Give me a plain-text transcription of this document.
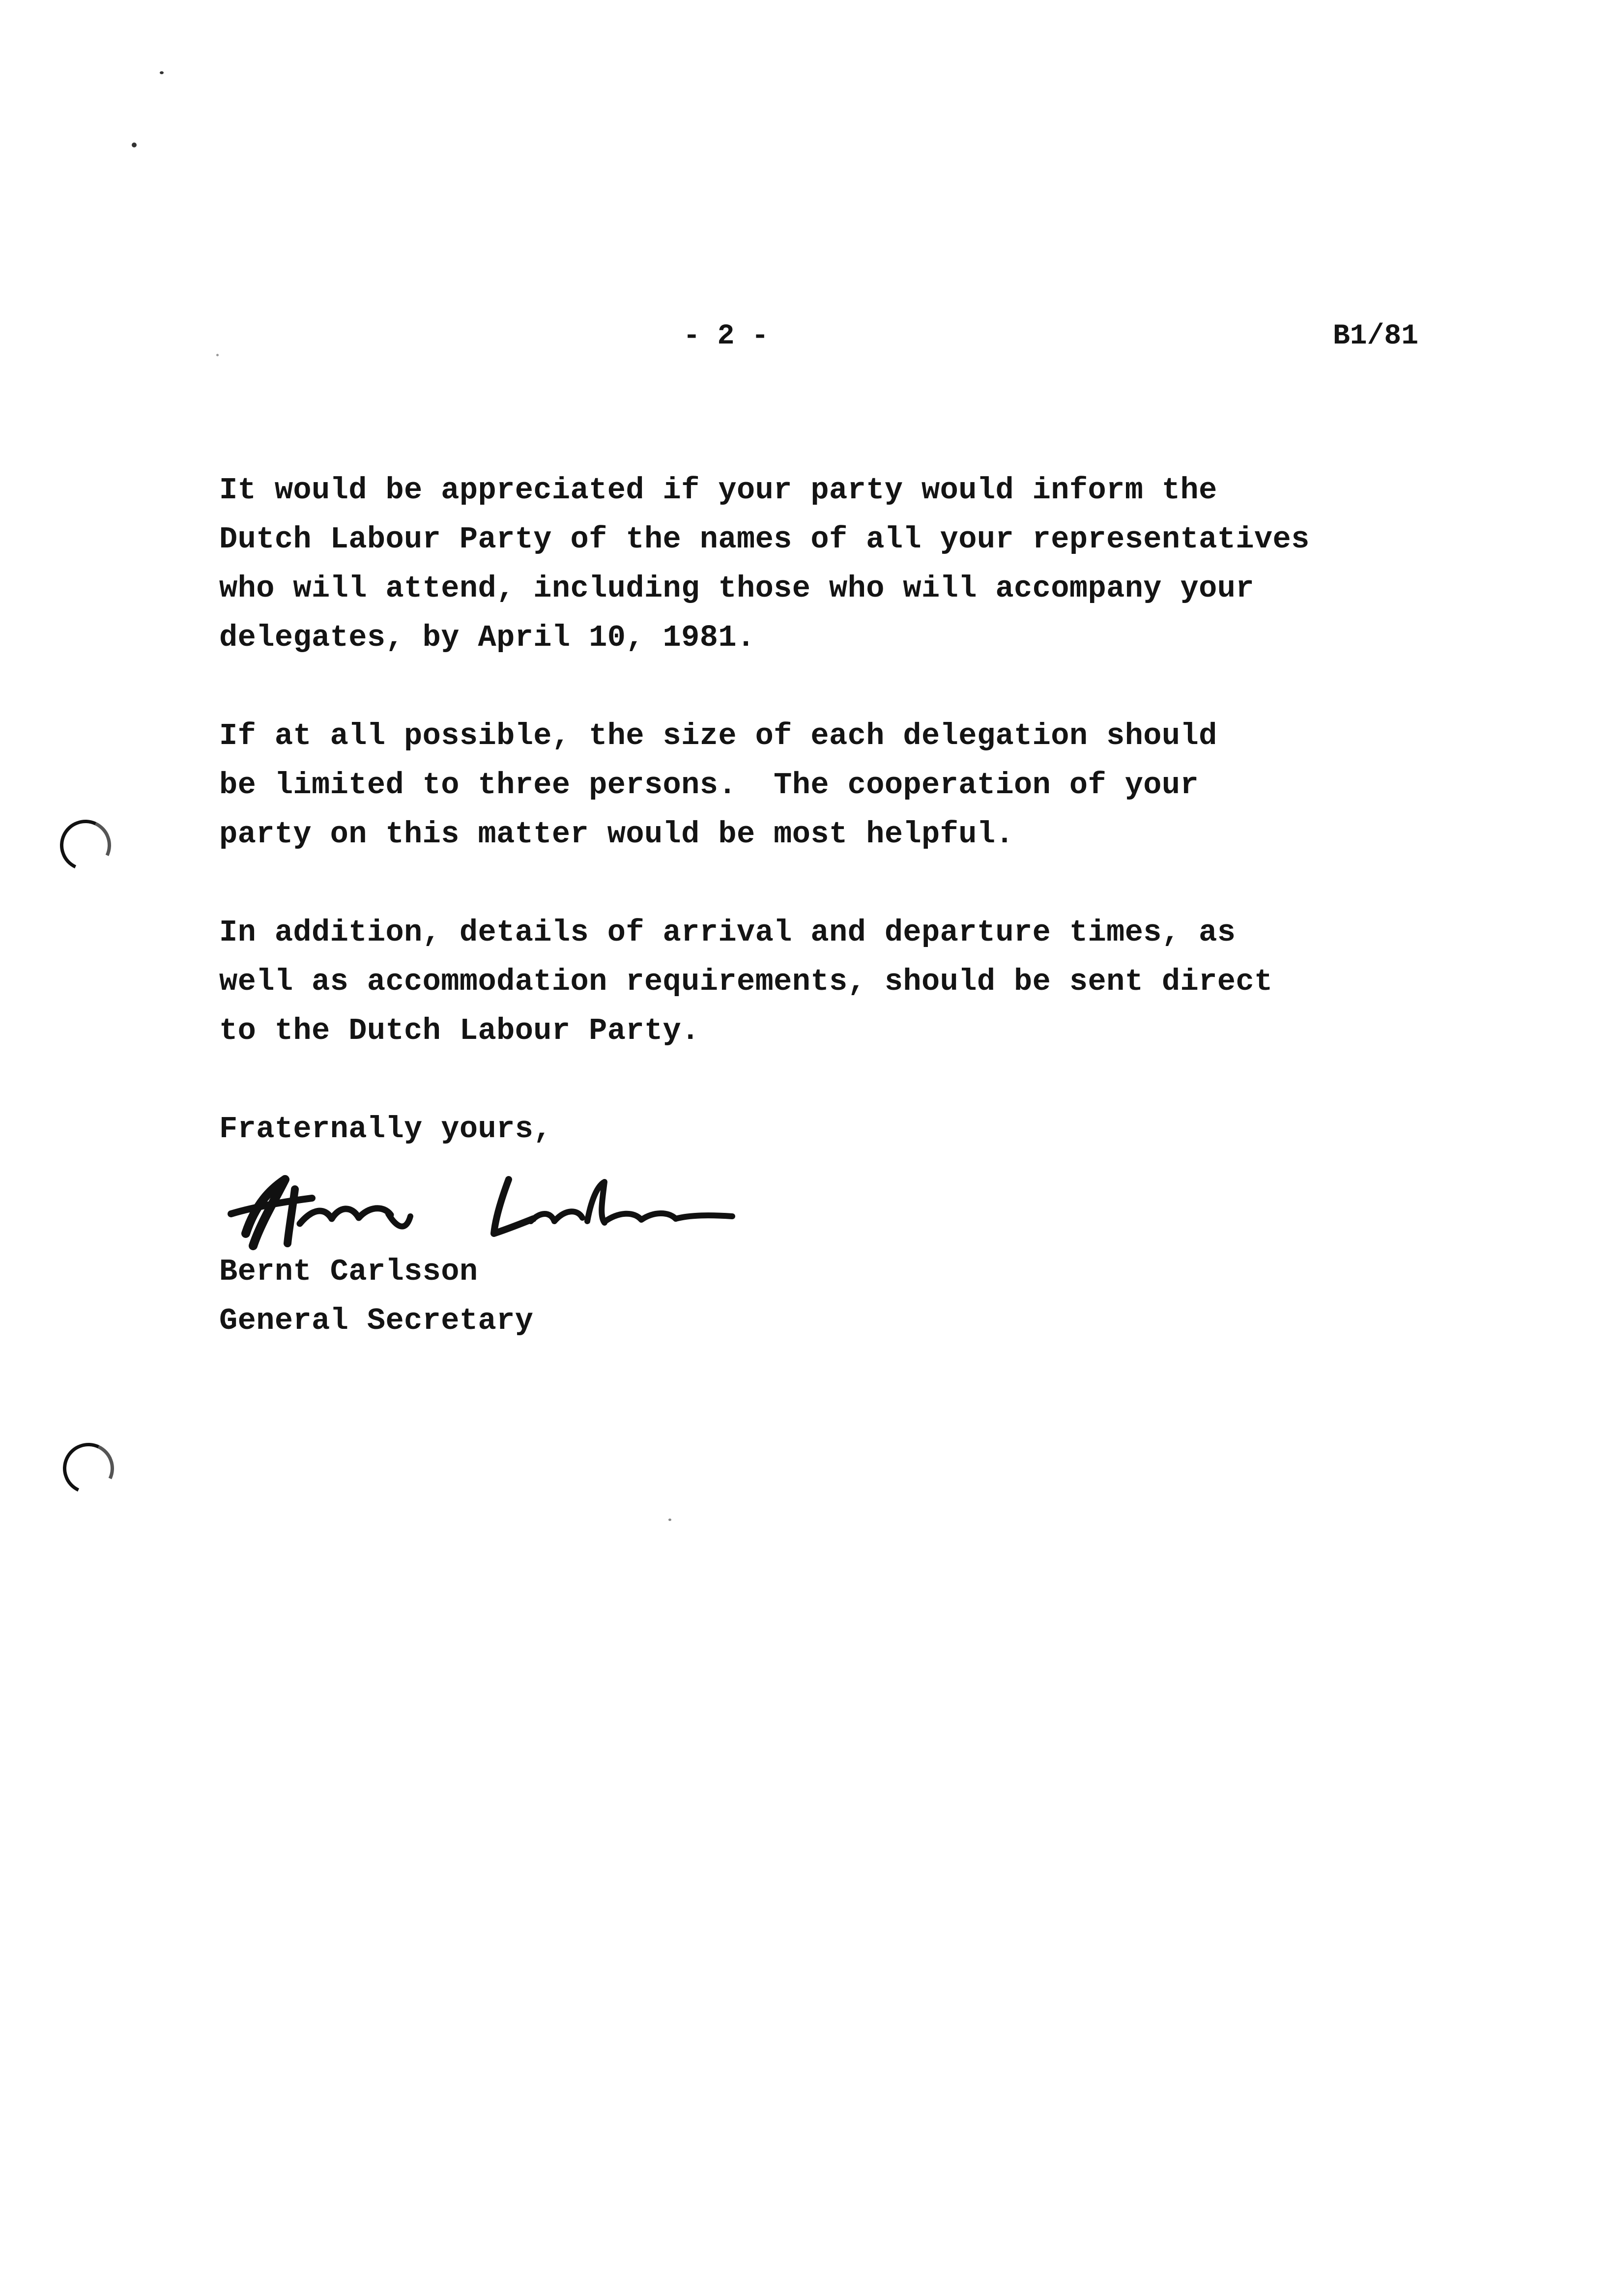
- 2 -	B1/81
It would be appreciated if your party would inform the
Dutch Labour Party of the names of all your representatives
who will attend, including those who will accompany your
delegates, by April 10, 1981.
If at all possible, the size of each delegation should
be limited to three persons.  The cooperation of your
party on this matter would be most helpful.
In addition, details of arrival and departure times, as
well as accommodation requirements, should be sent direct
to the Dutch Labour Party.
Fraternally yours,
Bernt Carlsson
General Secretary
